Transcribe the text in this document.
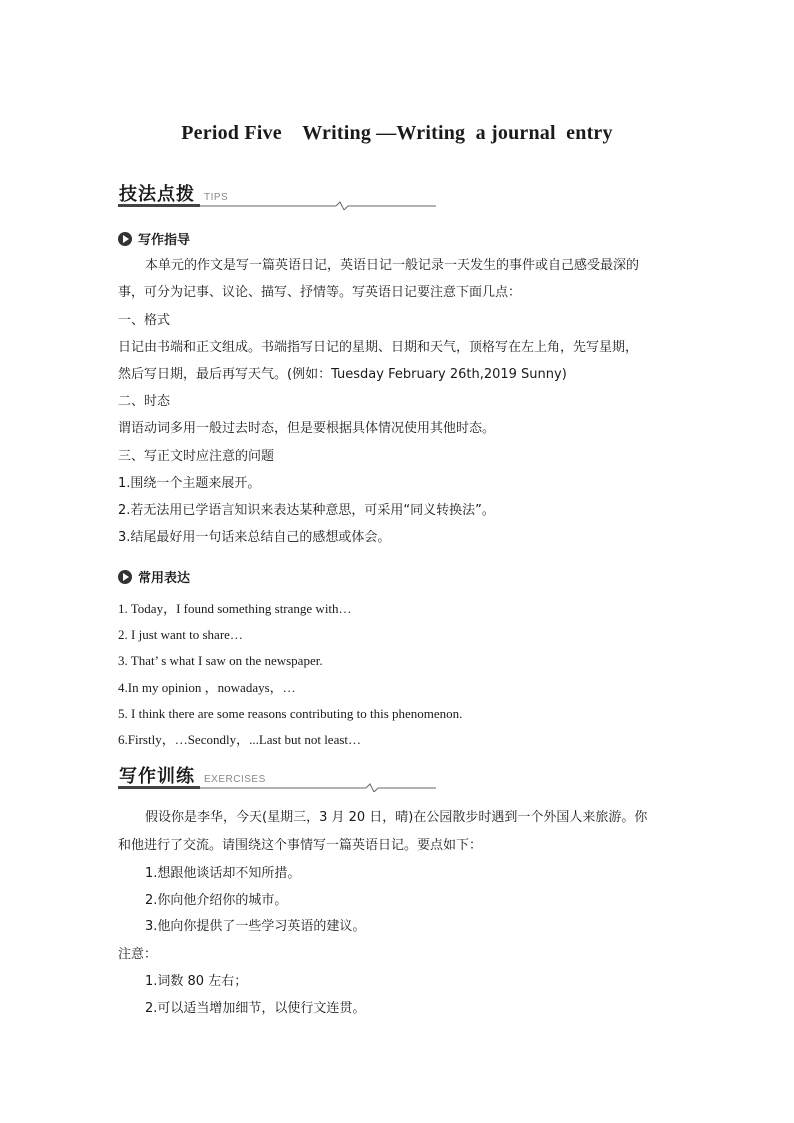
Period Five    Writing —Writing  a journal  entry
技法点拨 TIPS
写作指导
本单元的作文是写一篇英语日记，英语日记一般记录一天发生的事件或自己感受最深的
事，可分为记事、议论、描写、抒情等。写英语日记要注意下面几点：
一、格式
日记由书端和正文组成。书端指写日记的星期、日期和天气，顶格写在左上角，先写星期，
然后写日期，最后再写天气。(例如：Tuesday February 26th,2019 Sunny)
二、时态
谓语动词多用一般过去时态，但是要根据具体情况使用其他时态。
三、写正文时应注意的问题
1.围绕一个主题来展开。
2.若无法用已学语言知识来表达某种意思，可采用“同义转换法”。
3.结尾最好用一句话来总结自己的感想或体会。
常用表达
1. Today，I found something strange with…
2. I just want to share…
3. That’ s what I saw on the newspaper.
4.In my opinion ，nowadays，…
5. I think there are some reasons contributing to this phenomenon.
6.Firstly，…Secondly，...Last but not least…
写作训练 EXERCISES
假设你是李华，今天(星期三，3 月 20 日，晴)在公园散步时遇到一个外国人来旅游。你
和他进行了交流。请围绕这个事情写一篇英语日记。要点如下：
1.想跟他谈话却不知所措。
2.你向他介绍你的城市。
3.他向你提供了一些学习英语的建议。
注意：
1.词数 80 左右；
2.可以适当增加细节，以使行文连贯。
